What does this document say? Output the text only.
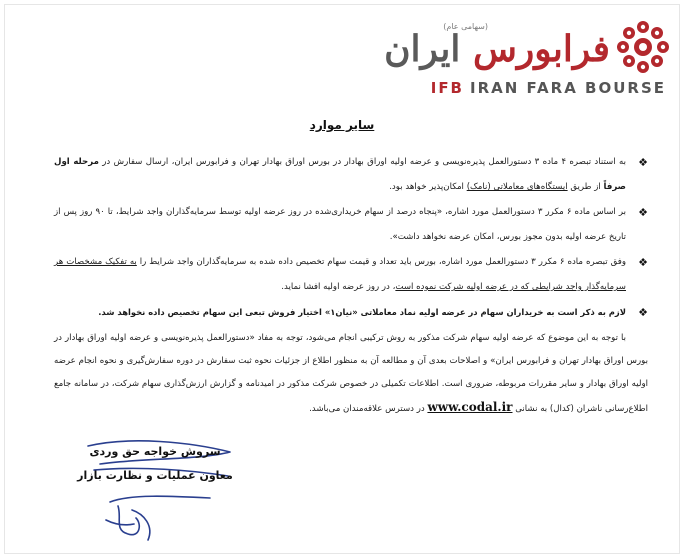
فرابورس ایران
(سهامی عام)
IFB IRAN FARA BOURSE
سایر موارد

❖
به استناد تبصره ۴ ماده ۳ دستورالعمل پذیره‌نویسی و عرضه اولیه اوراق بهادار در بورس اوراق بهادار تهران و فرابورس ایران، ارسال سفارش در مرحله اول صرفاً از طریق ایستگاه‌های معاملاتی (نامک) امکان‌پذیر خواهد بود.

❖
بر اساس ماده ۶ مکرر ۳ دستورالعمل مورد اشاره، «پنجاه درصد از سهام خریداری‌شده در روز عرضه اولیه توسط سرمایه‌گذاران واجد شرایط، تا ۹۰ روز پس از تاریخ عرضه اولیه بدون مجوز بورس، امکان عرضه نخواهد داشت».

❖
وفق تبصره ماده ۶ مکرر ۳ دستورالعمل مورد اشاره، بورس باید تعداد و قیمت سهام تخصیص داده شده به سرمایه‌گذاران واجد شرایط را به تفکیک مشخصات هر سرمایه‌گذار واجد شرایطی که در عرضه اولیه شرکت نموده است، در روز عرضه اولیه افشا نماید.

❖
لازم به ذکر است به خریداران سهام در عرضه اولیه نماد معاملاتی «نیان۱» اختیار فروش تبعی این سهام تخصیص داده نخواهد شد.

با توجه به این موضوع که عرضه اولیه سهام شرکت مذکور به روش ترکیبی انجام می‌شود، توجه به مفاد «دستورالعمل پذیره‌نویسی و عرضه اولیه اوراق بهادار در بورس اوراق بهادار تهران و فرابورس ایران» و اصلاحات بعدی آن و مطالعه آن به منظور اطلاع از جزئیات نحوه ثبت سفارش در دوره سفارش‌گیری و نحوه انجام عرضه اولیه اوراق بهادار و سایر مقررات مربوطه، ضروری است. اطلاعات تکمیلی در خصوص شرکت مذکور در امیدنامه و گزارش ارزش‌گذاری سهام شرکت، در سامانه جامع اطلاع‌رسانی ناشران (کدال) به نشانی www.codal.ir در دسترس علاقه‌مندان می‌باشد.

سروش خواجه حق وردی
معاون عملیات و نظارت بازار
